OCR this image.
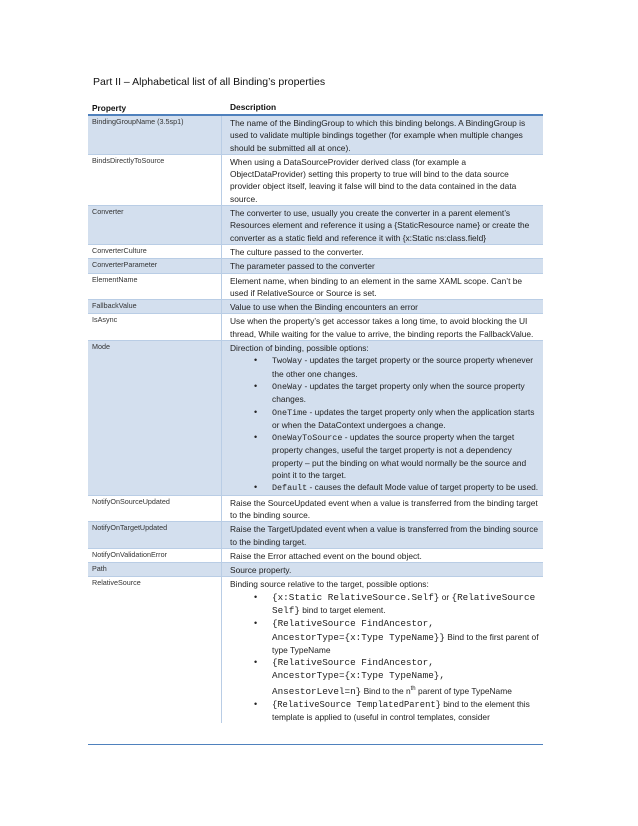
Part II – Alphabetical list of all Binding’s properties
Property	Description
BindingGroupName (3.5sp1)	The name of the BindingGroup to which this binding belongs. A BindingGroup is used to validate multiple bindings together (for example when multiple changes should be submitted all at once).
BindsDirectlyToSource	When using a DataSourceProvider derived class (for example a ObjectDataProvider) setting this property to true will bind to the data source provider object itself, leaving it false will bind to the data contained in the data source.
Converter	The converter to use, usually you create the converter in a parent element’s Resources element and reference it using a {StaticResource name} or create the converter as a static field and reference it with {x:Static ns:class.field}
ConverterCulture	The culture passed to the converter.
ConverterParameter	The parameter passed to the converter
ElementName	Element name, when binding to an element in the same XAML scope. Can’t be used if RelativeSource or Source is set.
FallbackValue	Value to use when the Binding encounters an error
IsAsync	Use when the property’s get accessor takes a long time, to avoid blocking the UI thread, While waiting for the value to arrive, the binding reports the FallbackValue.
Mode	Direction of binding, possible options:
• TwoWay - updates the target property or the source property whenever the other one changes.
• OneWay - updates the target property only when the source property changes.
• OneTime - updates the target property only when the application starts or when the DataContext undergoes a change.
• OneWayToSource - updates the source property when the target property changes, useful the target property is not a dependency property – put the binding on what would normally be the source and point it to the target.
• Default - causes the default Mode value of target property to be used.
NotifyOnSourceUpdated	Raise the SourceUpdated event when a value is transferred from the binding target to the binding source.
NotifyOnTargetUpdated	Raise the TargetUpdated event when a value is transferred from the binding source to the binding target.
NotifyOnValidationError	Raise the Error attached event on the bound object.
Path	Source property.
RelativeSource	Binding source relative to the target, possible options:
• {x:Static RelativeSource.Self} or {RelativeSource Self} bind to target element.
• {RelativeSource FindAncestor,
AncestorType={x:Type TypeName}} Bind to the first parent of type TypeName
• {RelativeSource FindAncestor,
AncestorType={x:Type TypeName},
AnsestorLevel=n} Bind to the $n^{th}$ parent of type TypeName
• {RelativeSource TemplatedParent} bind to the element this template is applied to (useful in control templates, consider
